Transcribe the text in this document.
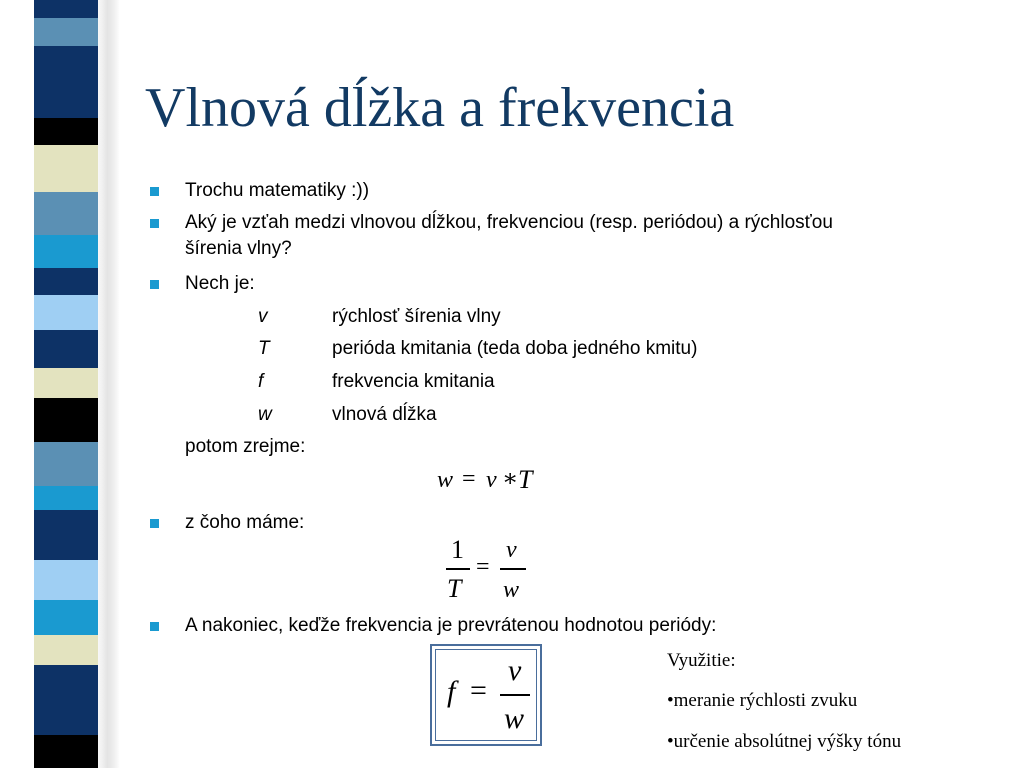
Vlnová dĺžka a frekvencia
Trochu matematiky :))
Aký je vzťah medzi vlnovou dĺžkou, frekvenciou (resp. periódou) a rýchlosťou
šírenia vlny?
Nech je:
v	rýchlosť šírenia vlny
T	perióda kmitania (teda doba jedného kmitu)
f	frekvencia kmitania
w	vlnová dĺžka
potom zrejme:
w = v ∗ T
z čoho máme:
1
T
=
v
w
A nakoniec, keďže frekvencia je prevrátenou hodnotou periódy:
f =
v
w
Využitie:
•meranie rýchlosti zvuku
•určenie absolútnej výšky tónu
